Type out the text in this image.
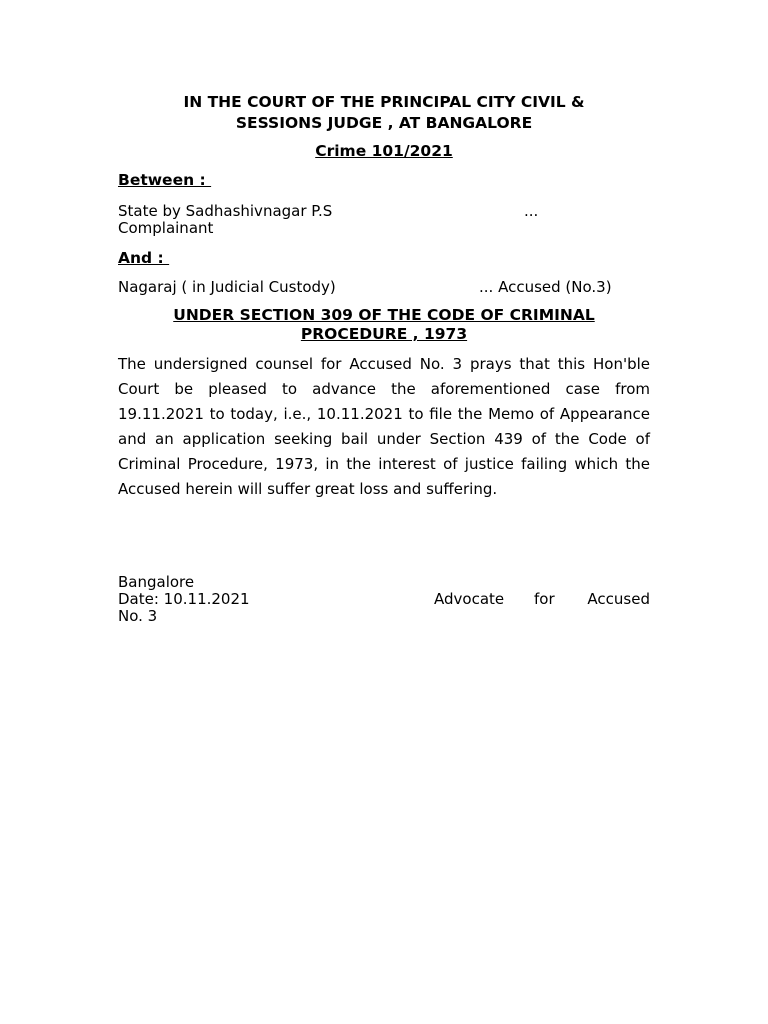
IN THE COURT OF THE PRINCIPAL CITY CIVIL &
SESSIONS JUDGE , AT BANGALORE

Crime 101/2021

Between :
State by Sadhashivnagar P.S	...
Complainant
And :
Nagaraj ( in Judicial Custody)	... Accused (No.3)
UNDER SECTION 309 OF THE CODE OF CRIMINAL
PROCEDURE , 1973

The undersigned counsel for Accused No. 3 prays that this Hon'ble Court be pleased to advance the aforementioned case from 19.11.2021 to today, i.e., 10.11.2021 to file the Memo of Appearance and an application seeking bail under Section 439 of the Code of Criminal Procedure, 1973, in the interest of justice failing which the Accused herein will suffer great loss and suffering.

Bangalore
Date: 10.11.2021	Advocate for Accused
No. 3
